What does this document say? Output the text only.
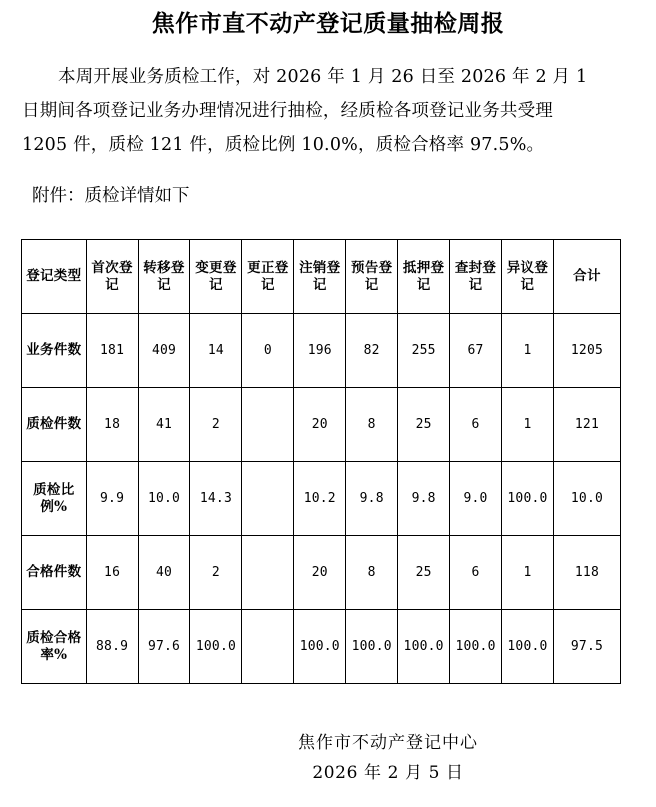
焦作市直不动产登记质量抽检周报
本周开展业务质检工作，对 2026 年 1 月 26 日至 2026 年 2 月 1
日期间各项登记业务办理情况进行抽检，经质检各项登记业务共受理
1205 件，质检 121 件，质检比例 10.0%，质检合格率 97.5%。
附件：质检详情如下
登记类型	首次登记	转移登记	变更登记	更正登记	注销登记	预告登记	抵押登记	查封登记	异议登记	合计
业务件数	181	409	14	0	196	82	255	67	1	1205
质检件数	18	41	2		20	8	25	6	1	121
质检比例%	9.9	10.0	14.3		10.2	9.8	9.8	9.0	100.0	10.0
合格件数	16	40	2		20	8	25	6	1	118
质检合格率%	88.9	97.6	100.0		100.0	100.0	100.0	100.0	100.0	97.5
焦作市不动产登记中心
2026 年 2 月 5 日
